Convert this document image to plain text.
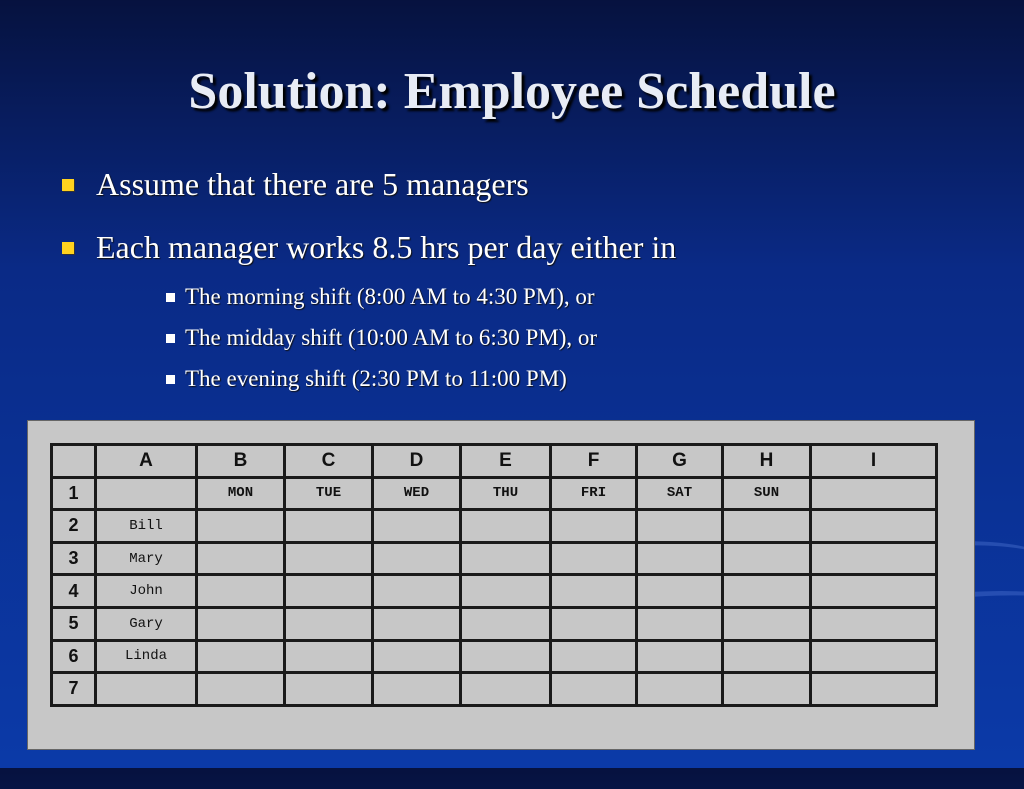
Solution: Employee Schedule
Assume that there are 5 managers
Each manager works 8.5 hrs per day either in
The morning shift (8:00 AM to 4:30 PM), or
The midday shift (10:00 AM to 6:30 PM), or
The evening shift (2:30 PM to 11:00 PM)
	A	B	C	D	E	F	G	H	I
1		MON	TUE	WED	THU	FRI	SAT	SUN	
2	Bill								
3	Mary								
4	John								
5	Gary								
6	Linda								
7									
